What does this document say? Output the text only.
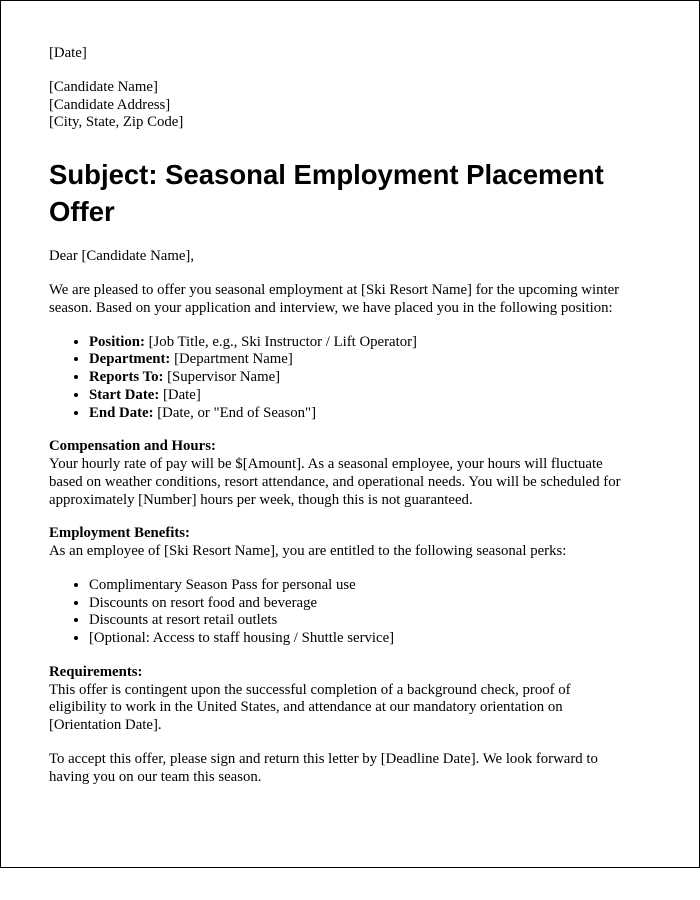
[Date]

[Candidate Name]
[Candidate Address]
[City, State, Zip Code]

Subject: Seasonal Employment Placement Offer

Dear [Candidate Name],

We are pleased to offer you seasonal employment at [Ski Resort Name] for the upcoming winter season. Based on your application and interview, we have placed you in the following position:

• Position: [Job Title, e.g., Ski Instructor / Lift Operator]
• Department: [Department Name]
• Reports To: [Supervisor Name]
• Start Date: [Date]
• End Date: [Date, or "End of Season"]

Compensation and Hours:
Your hourly rate of pay will be $[Amount]. As a seasonal employee, your hours will fluctuate based on weather conditions, resort attendance, and operational needs. You will be scheduled for approximately [Number] hours per week, though this is not guaranteed.

Employment Benefits:
As an employee of [Ski Resort Name], you are entitled to the following seasonal perks:

• Complimentary Season Pass for personal use
• Discounts on resort food and beverage
• Discounts at resort retail outlets
• [Optional: Access to staff housing / Shuttle service]

Requirements:
This offer is contingent upon the successful completion of a background check, proof of eligibility to work in the United States, and attendance at our mandatory orientation on [Orientation Date].

To accept this offer, please sign and return this letter by [Deadline Date]. We look forward to having you on our team this season.
